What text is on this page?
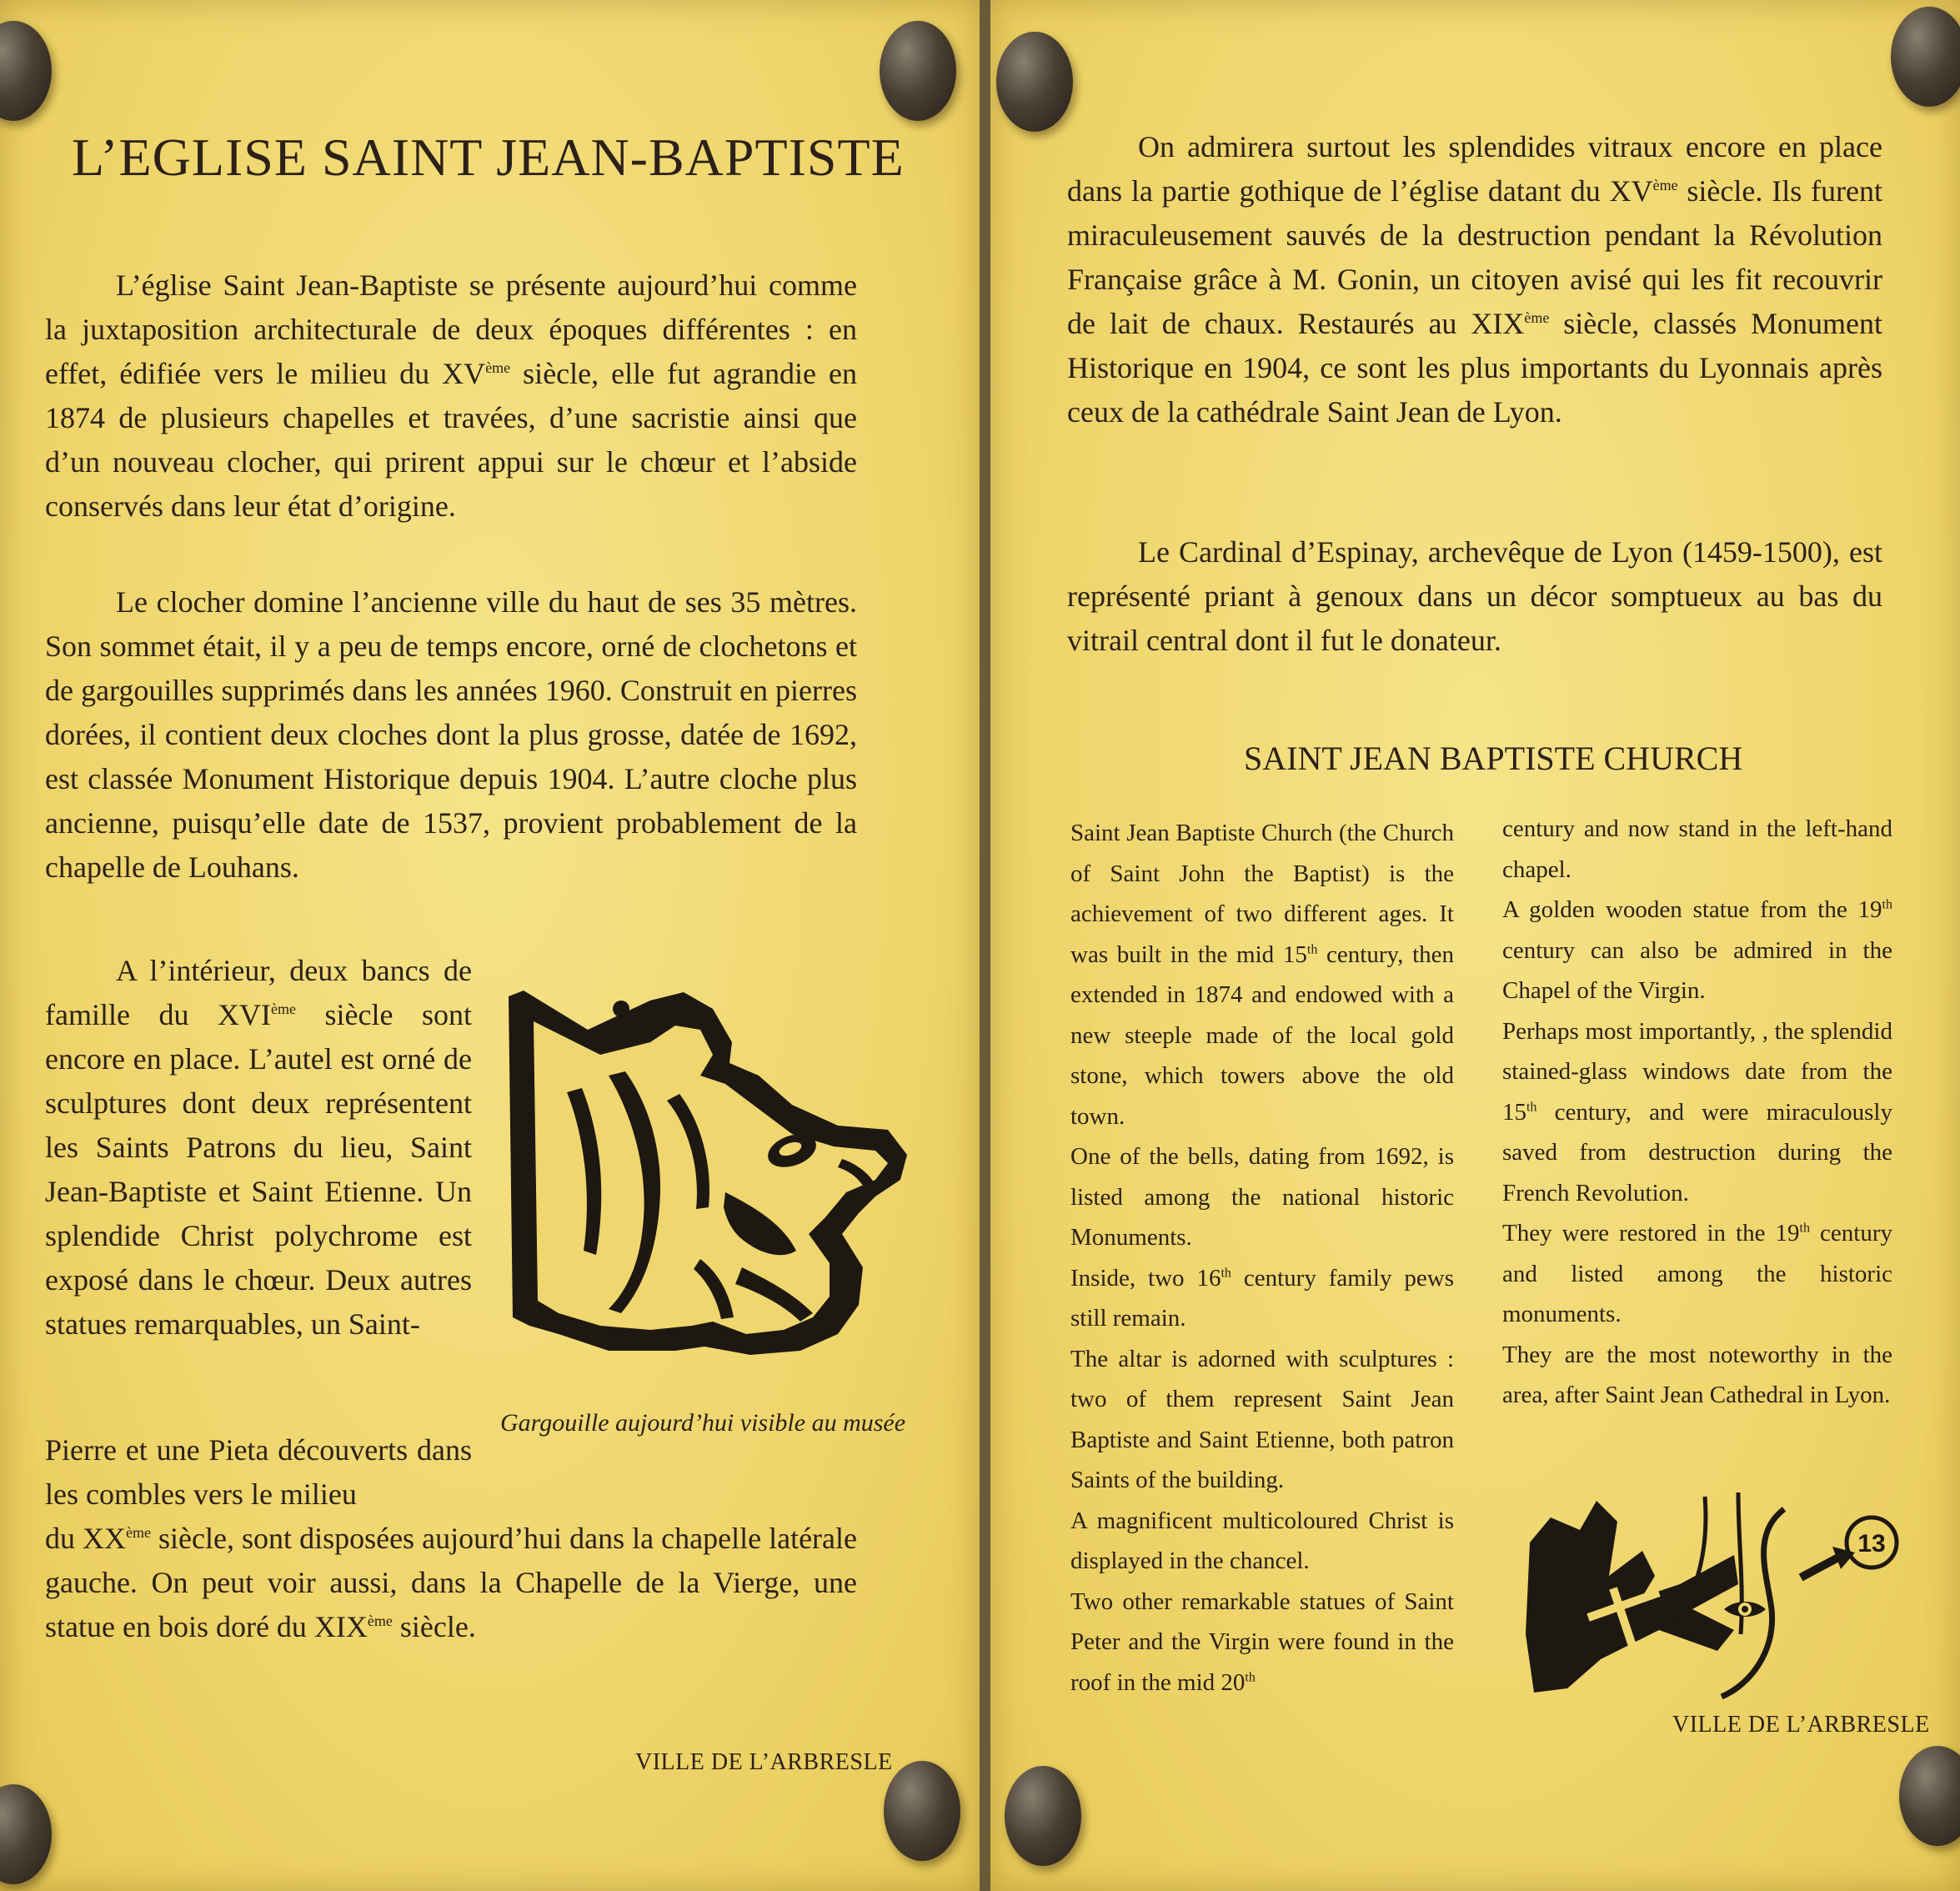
L’EGLISE SAINT JEAN-BAPTISTE

L’église Saint Jean-Baptiste se présente aujourd’hui comme la juxtaposition architecturale de deux époques différentes : en effet, édifiée vers le milieu du XVème siècle, elle fut agrandie en 1874 de plusieurs chapelles et travées, d’une sacristie ainsi que d’un nouveau clocher, qui prirent appui sur le chœur et l’abside conservés dans leur état d’origine.

Le clocher domine l’ancienne ville du haut de ses 35 mètres. Son sommet était, il y a peu de temps encore, orné de clochetons et de gargouilles supprimés dans les années 1960. Construit en pierres dorées, il contient deux cloches dont la plus grosse, datée de 1692, est classée Monument Historique depuis 1904. L’autre cloche plus ancienne, puisqu’elle date de 1537, provient probablement de la chapelle de Louhans.

A l’intérieur, deux bancs de famille du XVIème siècle sont encore en place. L’autel est orné de sculptures dont deux représentent les Saints Patrons du lieu, Saint Jean-Baptiste et Saint Etienne. Un splendide Christ polychrome est exposé dans le chœur. Deux autres statues remarquables, un Saint-

Pierre et une Pieta découverts dans les combles vers le milieu

du XXème siècle, sont disposées aujourd’hui dans la chapelle latérale gauche. On peut voir aussi, dans la Chapelle de la Vierge, une statue en bois doré du XIXème siècle.

Gargouille aujourd’hui visible au musée
VILLE DE L’ARBRESLE

On admirera surtout les splendides vitraux encore en place dans la partie gothique de l’église datant du XVème siècle. Ils furent miraculeusement sauvés de la destruction pendant la Révolution Française grâce à M. Gonin, un citoyen avisé qui les fit recouvrir de lait de chaux. Restaurés au XIXème siècle, classés Monument Historique en 1904, ce sont les plus importants du Lyonnais après ceux de la cathédrale Saint Jean de Lyon.

Le Cardinal d’Espinay, archevêque de Lyon (1459-1500), est représenté priant à genoux dans un décor somptueux au bas du vitrail central dont il fut le donateur.

SAINT JEAN BAPTISTE CHURCH
Saint Jean Baptiste Church (the Church of Saint John the Baptist) is the achievement of two different ages. It was built in the mid 15th century, then extended in 1874 and endowed with a new steeple made of the local gold stone, which towers above the old town.
One of the bells, dating from 1692, is listed among the national historic Monuments.
Inside, two 16th century family pews still remain.
The altar is adorned with sculptures : two of them represent Saint Jean Baptiste and Saint Etienne, both patron Saints of the building.
A magnificent multicoloured Christ is displayed in the chancel.
Two other remarkable statues of Saint Peter and the Virgin were found in the roof in the mid 20th
century and now stand in the left-hand chapel.
A golden wooden statue from the 19th century can also be admired in the Chapel of the Virgin.
Perhaps most importantly, , the splendid stained-glass windows date from the 15th century, and were miraculously saved from destruction during the French Revolution.
They were restored in the 19th century and listed among the historic monuments.
They are the most noteworthy in the area, after Saint Jean Cathedral in Lyon.
13
VILLE DE L’ARBRESLE
